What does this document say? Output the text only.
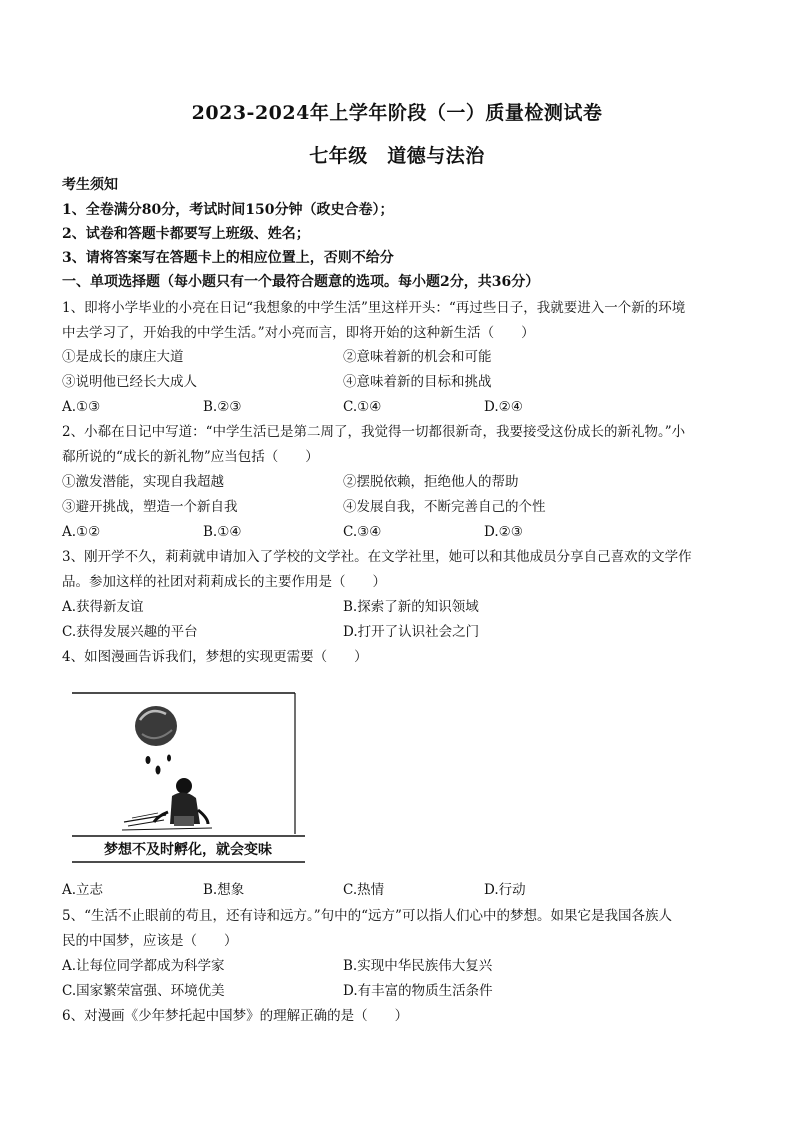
2023-2024年上学年阶段（一）质量检测试卷
七年级　道德与法治
考生须知
1、全卷满分80分，考试时间150分钟（政史合卷）；
2、试卷和答题卡都要写上班级、姓名；
3、请将答案写在答题卡上的相应位置上，否则不给分
一、单项选择题（每小题只有一个最符合题意的选项。每小题2分，共36分）
1、即将小学毕业的小亮在日记“我想象的中学生活”里这样开头：“再过些日子，我就要进入一个新的环境
中去学习了，开始我的中学生活。”对小亮而言，即将开始的这种新生活（　　）
①是成长的康庄大道	②意味着新的机会和可能
③说明他已经长大成人	④意味着新的目标和挑战
A.①③	B.②③	C.①④	D.②④
2、小郗在日记中写道：“中学生活已是第二周了，我觉得一切都很新奇，我要接受这份成长的新礼物。”小
郗所说的“成长的新礼物”应当包括（　　）
①激发潜能，实现自我超越	②摆脱依赖，拒绝他人的帮助
③避开挑战，塑造一个新自我	④发展自我，不断完善自己的个性
A.①②	B.①④	C.③④	D.②③
3、刚开学不久，莉莉就申请加入了学校的文学社。在文学社里，她可以和其他成员分享自己喜欢的文学作
品。参加这样的社团对莉莉成长的主要作用是（　　）
A.获得新友谊	B.探索了新的知识领域
C.获得发展兴趣的平台	D.打开了认识社会之门
4、如图漫画告诉我们，梦想的实现更需要（　　）
梦想不及时孵化，就会变味
A.立志	B.想象	C.热情	D.行动
5、“生活不止眼前的苟且，还有诗和远方。”句中的“远方”可以指人们心中的梦想。如果它是我国各族人
民的中国梦，应该是（　　）
A.让每位同学都成为科学家	B.实现中华民族伟大复兴
C.国家繁荣富强、环境优美	D.有丰富的物质生活条件
6、对漫画《少年梦托起中国梦》的理解正确的是（　　）
